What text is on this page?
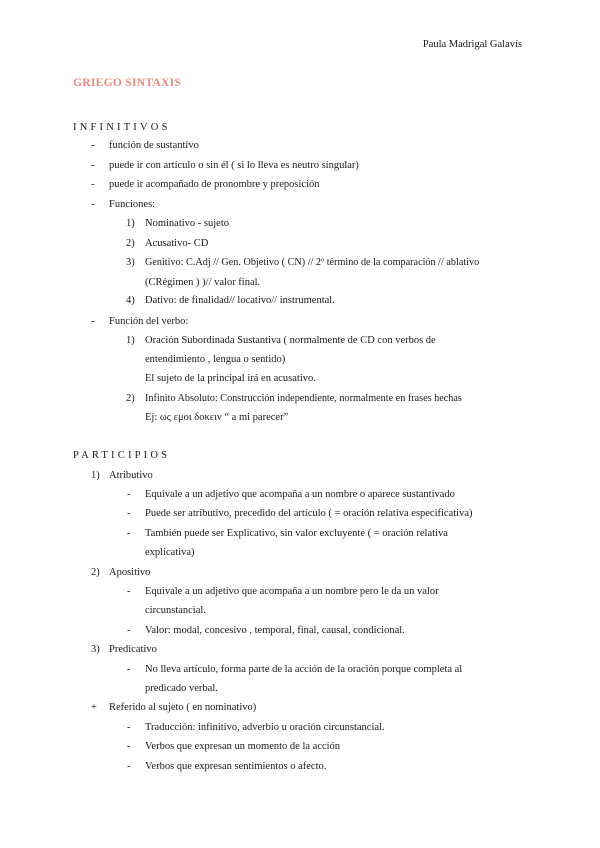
Paula Madrigal Galavís
GRIEGO SINTAXIS
INFINITIVOS
- función de sustantivo
- puede ir con artículo o sin él ( si lo lleva es neutro singular)
- puede ir acompañado de pronombre y preposición
- Funciones:
1) Nominativo - sujeto
2) Acusativo- CD
3) Genitivo: C.Adj // Gen. Objetivo ( CN) // 2º término de la comparación // ablativo
(CRégimen ) )// valor final.
4) Dativo: de finalidad// locativo// instrumental.
- Función del verbo:
1) Oración Subordinada Sustantiva ( normalmente de CD con verbos de
entendimiento , lengua o sentido)
El sujeto de la principal irá en acusativo.
2) Infinito Absoluto: Construcción independiente, normalmente en frases hechas
Ej: ως εμοι δοκειν “ a mi parecer”
PARTICIPIOS
1) Atributivo
- Equivale a un adjetivo que acompaña a un nombre o aparece sustantivado
- Puede ser atributivo, precedido del artículo ( = oración relativa especificativa)
- También puede ser Explicativo, sin valor excluyente ( = oración relativa
explicativa)
2) Apositivo
- Equivale a un adjetivo que acompaña a un nombre pero le da un valor
circunstancial.
- Valor: modal, concesivo , temporal, final, causal, condicional.
3) Predicativo
- No lleva artículo, forma parte de la acción de la oración porque completa al
predicado verbal.
+ Referido al sujeto ( en nominativo)
- Traducción: infinitivo, adverbio u oración circunstancial.
- Verbos que expresan un momento de la acción
- Verbos que expresan sentimientos o afecto.
